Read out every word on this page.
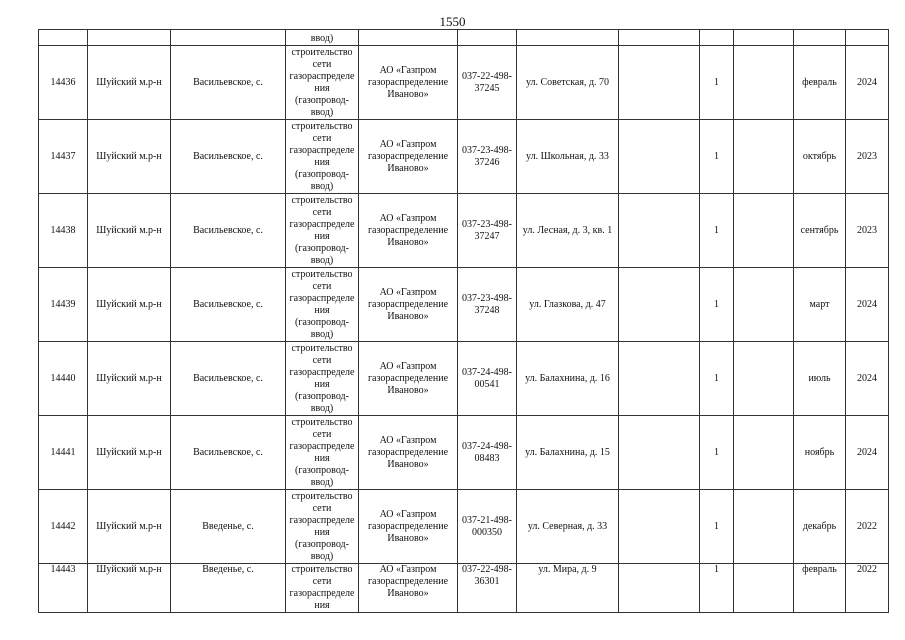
1550
			ввод)								
14436	Шуйский м.р-н	Васильевское, с.	строительство сети газораспределения (газопровод-ввод)	АО «Газпром газораспределение Иваново»	037-22-498-37245	ул. Советская, д. 70		1		февраль	2024
14437	Шуйский м.р-н	Васильевское, с.	строительство сети газораспределения (газопровод-ввод)	АО «Газпром газораспределение Иваново»	037-23-498-37246	ул. Школьная, д. 33		1		октябрь	2023
14438	Шуйский м.р-н	Васильевское, с.	строительство сети газораспределения (газопровод-ввод)	АО «Газпром газораспределение Иваново»	037-23-498-37247	ул. Лесная, д. 3, кв. 1		1		сентябрь	2023
14439	Шуйский м.р-н	Васильевское, с.	строительство сети газораспределения (газопровод-ввод)	АО «Газпром газораспределение Иваново»	037-23-498-37248	ул. Глазкова, д. 47		1		март	2024
14440	Шуйский м.р-н	Васильевское, с.	строительство сети газораспределения (газопровод-ввод)	АО «Газпром газораспределение Иваново»	037-24-498-00541	ул. Балахнина, д. 16		1		июль	2024
14441	Шуйский м.р-н	Васильевское, с.	строительство сети газораспределения (газопровод-ввод)	АО «Газпром газораспределение Иваново»	037-24-498-08483	ул. Балахнина, д. 15		1		ноябрь	2024
14442	Шуйский м.р-н	Введенье, с.	строительство сети газораспределения (газопровод-ввод)	АО «Газпром газораспределение Иваново»	037-21-498-000350	ул. Северная, д. 33		1		декабрь	2022
14443	Шуйский м.р-н	Введенье, с.	строительство сети газораспределения	АО «Газпром газораспределение Иваново»	037-22-498-36301	ул. Мира, д. 9		1		февраль	2022
